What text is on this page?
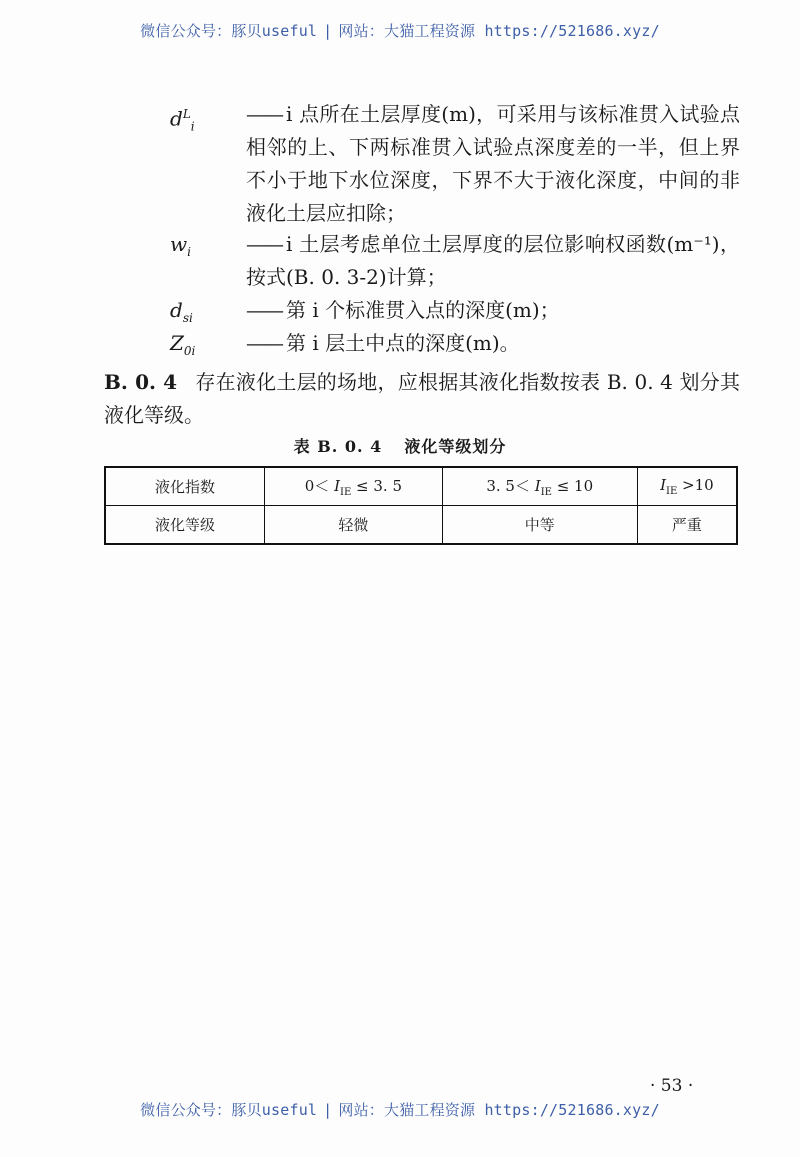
微信公众号：豚贝useful | 网站：大猫工程资源 https://521686.xyz/
$d^L_i$
—— i 点所在土层厚度(m)，可采用与该标准贯入试验点相邻的上、下两标准贯入试验点深度差的一半，但上界不小于地下水位深度，下界不大于液化深度，中间的非液化土层应扣除；
$w_i$	—— i 土层考虑单位土层厚度的层位影响权函数(m⁻¹)，按式(B. 0. 3-2)计算；
$d_{si}$	—— 第 i 个标准贯入点的深度(m)；
$Z_{0i}$	—— 第 i 层土中点的深度(m)。
B. 0. 4 存在液化土层的场地，应根据其液化指数按表 B. 0. 4 划分其液化等级。
表 B. 0. 4 液化等级划分
液化指数	$0< I_{IE} \le 3$. 5	3. $5< I_{IE} \le 10$	$I_{IE} >10$
液化等级	轻微	中等	严重
· 53 ·
微信公众号：豚贝useful | 网站：大猫工程资源 https://521686.xyz/
